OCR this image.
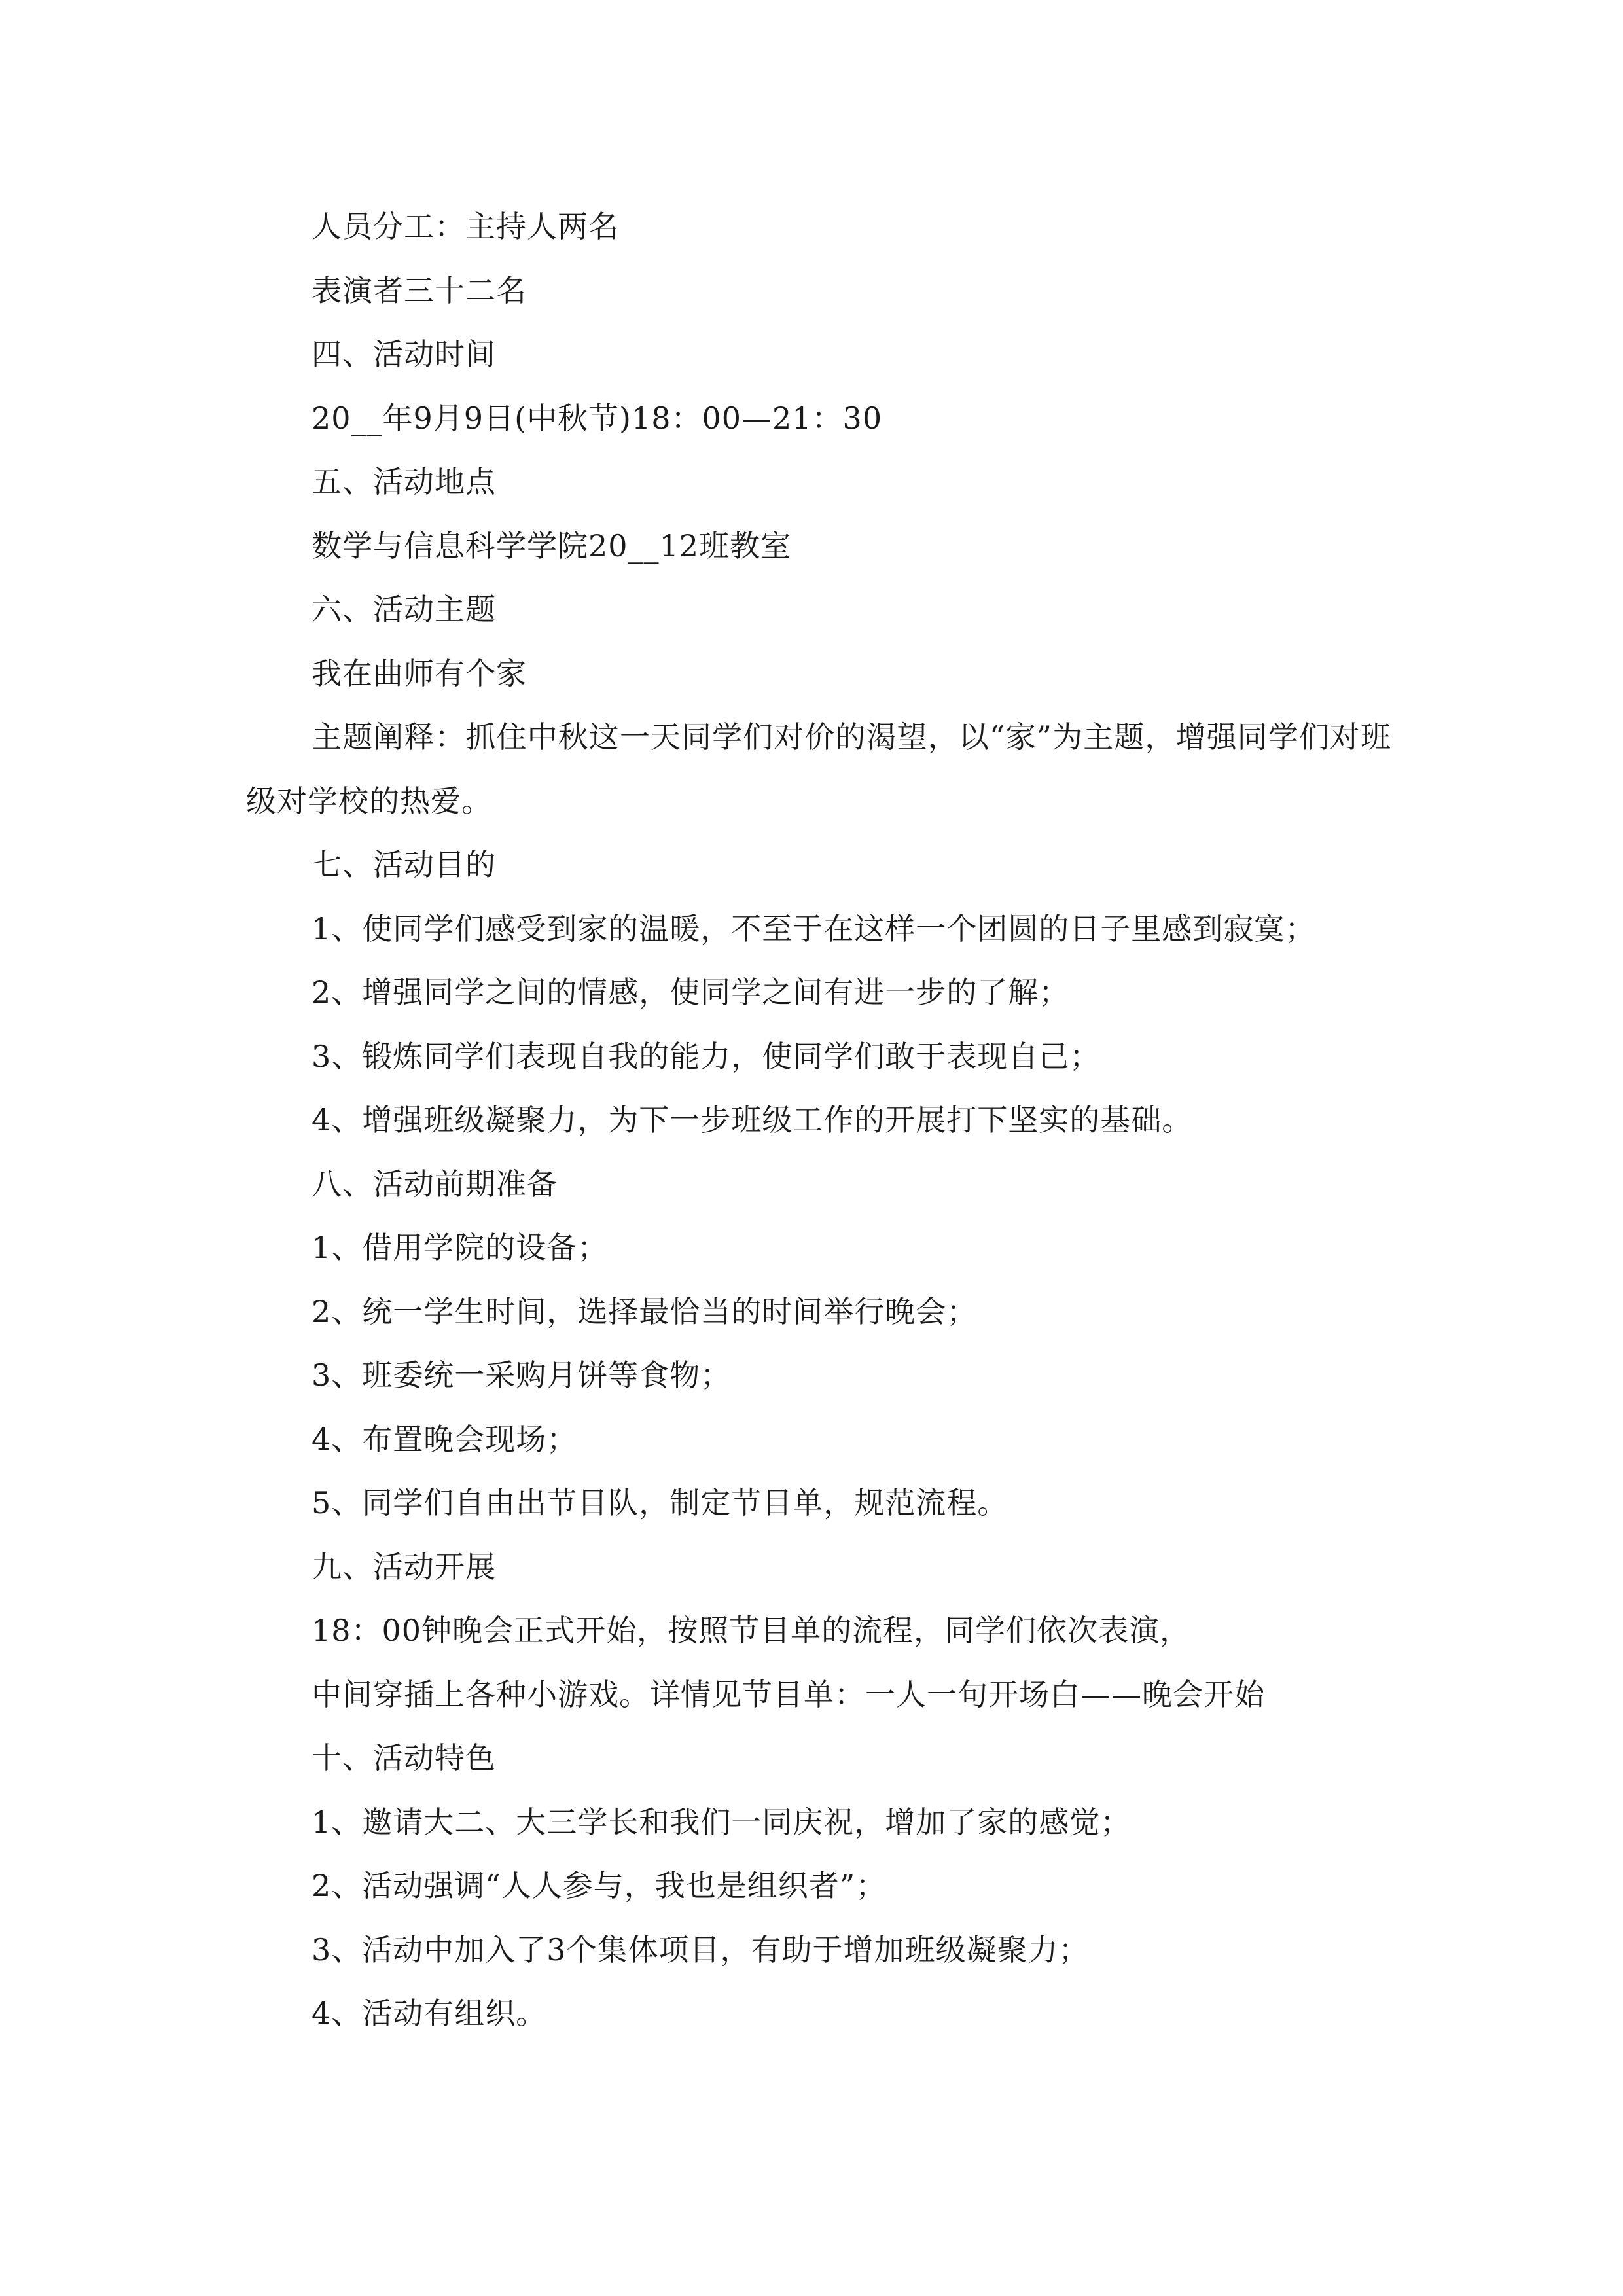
人员分工：主持人两名

表演者三十二名

四、活动时间

20__年9月9日(中秋节)18：00—21：30

五、活动地点

数学与信息科学学院20__12班教室

六、活动主题

我在曲师有个家

主题阐释：抓住中秋这一天同学们对价的渴望，以“家”为主题，增强同学们对班级对学校的热爱。

七、活动目的

1、使同学们感受到家的温暖，不至于在这样一个团圆的日子里感到寂寞；

2、增强同学之间的情感，使同学之间有进一步的了解；

3、锻炼同学们表现自我的能力，使同学们敢于表现自己；

4、增强班级凝聚力，为下一步班级工作的开展打下坚实的基础。

八、活动前期准备

1、借用学院的设备；

2、统一学生时间，选择最恰当的时间举行晚会；

3、班委统一采购月饼等食物；

4、布置晚会现场；

5、同学们自由出节目队，制定节目单，规范流程。

九、活动开展

18：00钟晚会正式开始，按照节目单的流程，同学们依次表演，

中间穿插上各种小游戏。详情见节目单：一人一句开场白——晚会开始

十、活动特色

1、邀请大二、大三学长和我们一同庆祝，增加了家的感觉；

2、活动强调“人人参与，我也是组织者”；

3、活动中加入了3个集体项目，有助于增加班级凝聚力；

4、活动有组织。
